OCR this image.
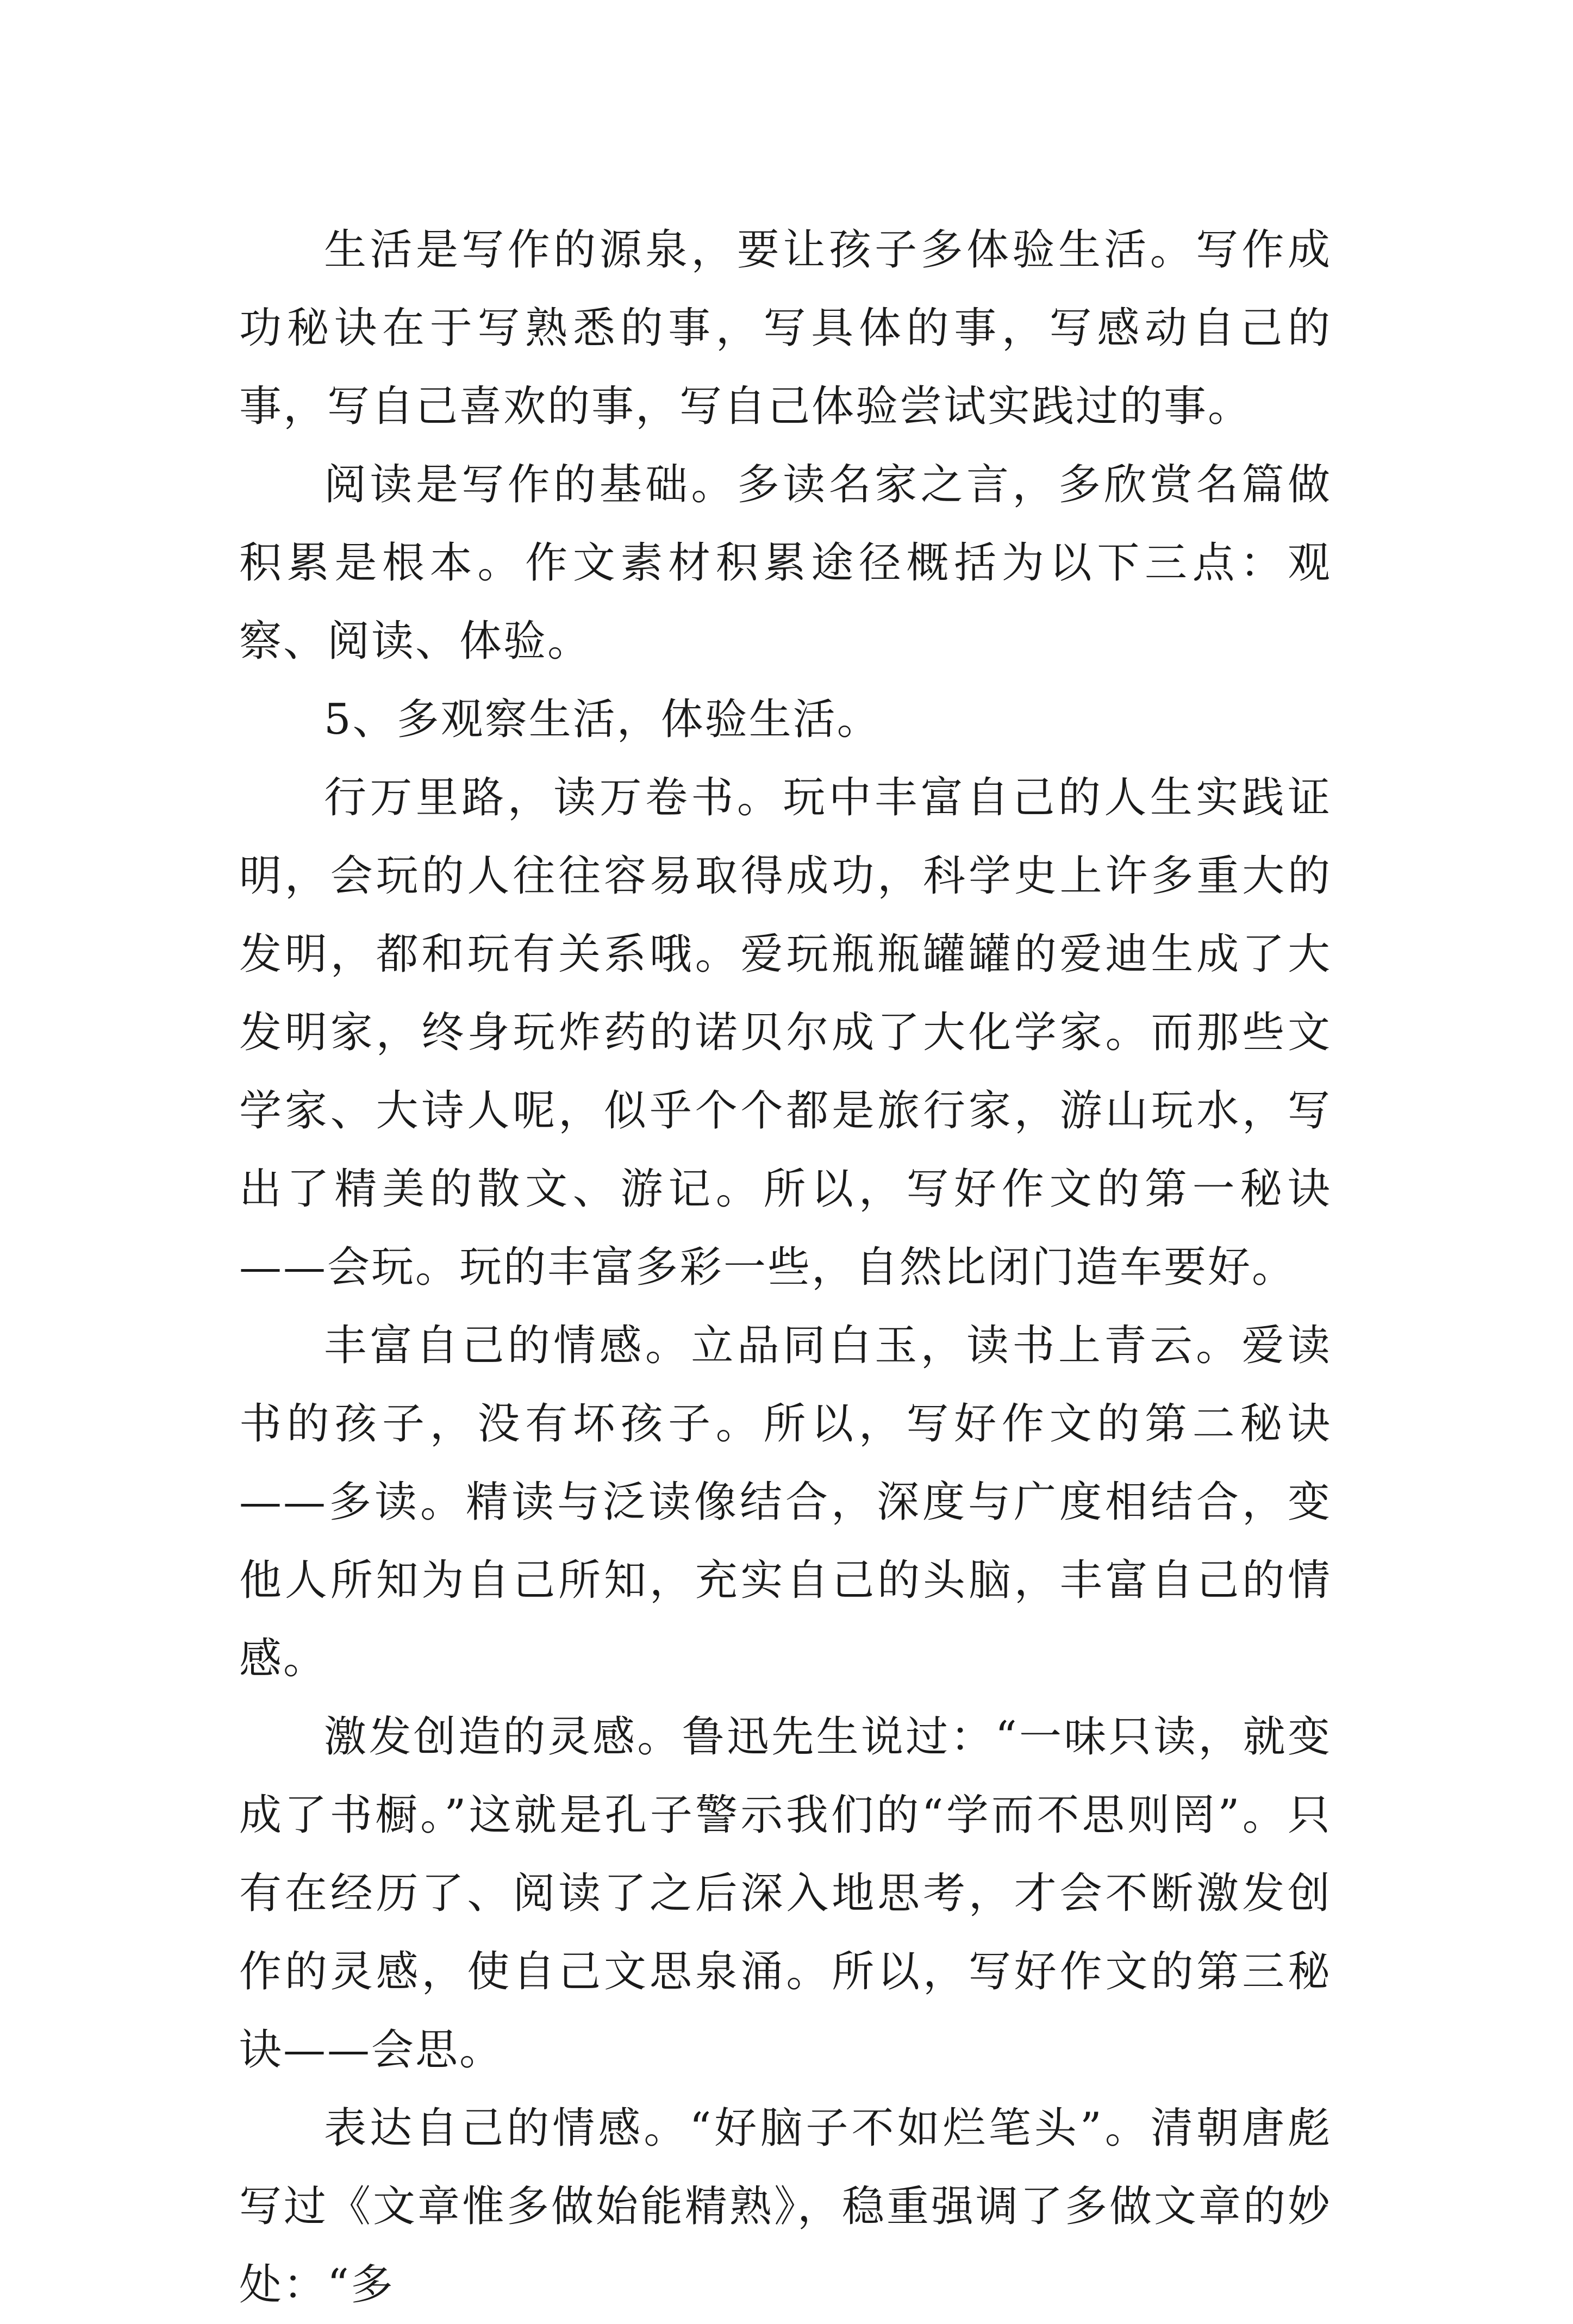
生活是写作的源泉，要让孩子多体验生活。写作成功秘诀在于写熟悉的事，写具体的事，写感动自己的事，写自己喜欢的事，写自己体验尝试实践过的事。

阅读是写作的基础。多读名家之言，多欣赏名篇做积累是根本。作文素材积累途径概括为以下三点：观察、阅读、体验。

5、多观察生活，体验生活。

行万里路，读万卷书。玩中丰富自己的人生实践证明，会玩的人往往容易取得成功，科学史上许多重大的发明，都和玩有关系哦。爱玩瓶瓶罐罐的爱迪生成了大发明家，终身玩炸药的诺贝尔成了大化学家。而那些文学家、大诗人呢，似乎个个都是旅行家，游山玩水，写出了精美的散文、游记。所以，写好作文的第一秘诀——会玩。玩的丰富多彩一些，自然比闭门造车要好。

丰富自己的情感。立品同白玉，读书上青云。爱读书的孩子，没有坏孩子。所以，写好作文的第二秘诀——多读。精读与泛读像结合，深度与广度相结合，变他人所知为自己所知，充实自己的头脑，丰富自己的情感。

激发创造的灵感。鲁迅先生说过：“一味只读，就变成了书橱。”这就是孔子警示我们的“学而不思则罔”。只有在经历了、阅读了之后深入地思考，才会不断激发创作的灵感，使自己文思泉涌。所以，写好作文的第三秘诀——会思。

表达自己的情感。“好脑子不如烂笔头”。清朝唐彪写过《文章惟多做始能精熟》，稳重强调了多做文章的妙处：“多
